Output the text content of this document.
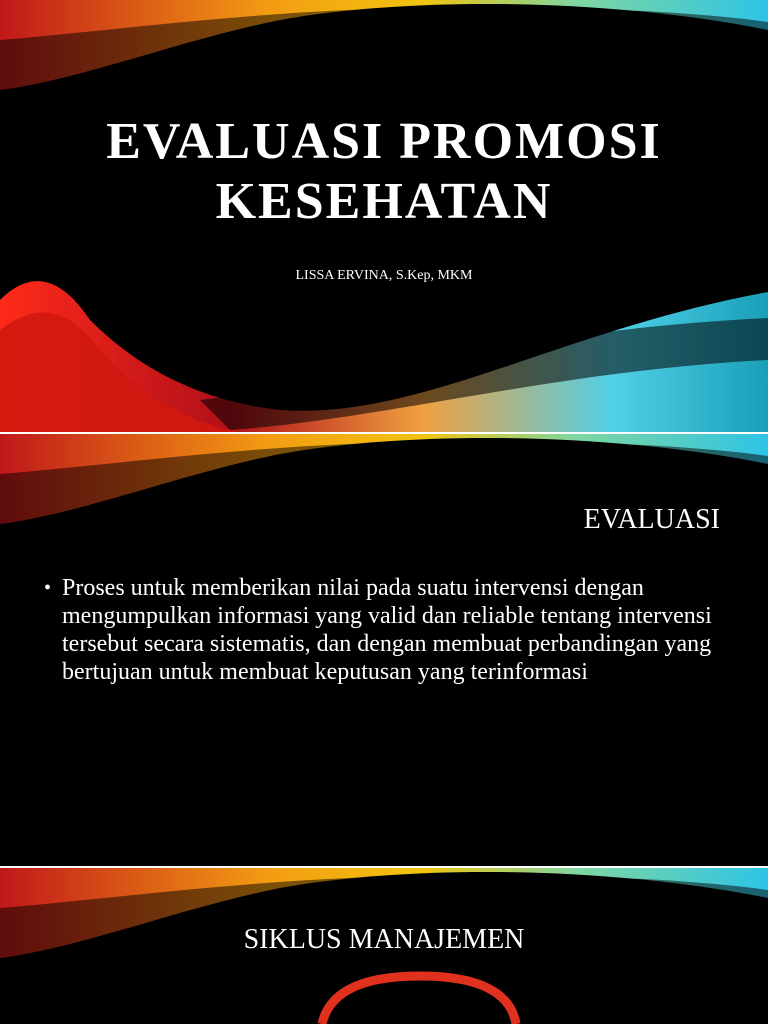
EVALUASI PROMOSI KESEHATAN
LISSA ERVINA, S.Kep, MKM
EVALUASI
• Proses untuk memberikan nilai pada suatu intervensi dengan mengumpulkan informasi yang valid dan reliable tentang intervensi tersebut secara sistematis, dan dengan membuat perbandingan yang bertujuan untuk membuat keputusan yang terinformasi
SIKLUS MANAJEMEN
